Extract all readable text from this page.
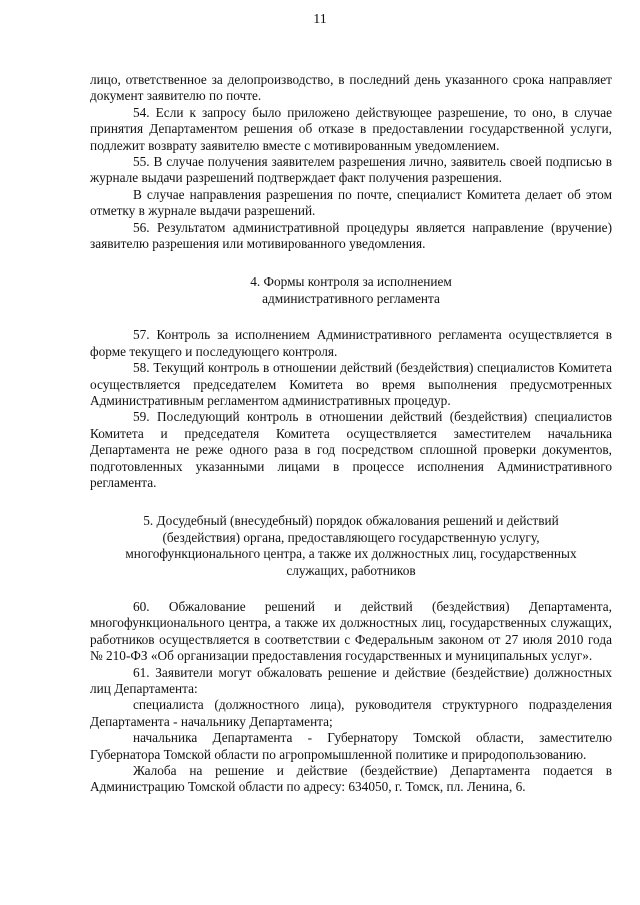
11

лицо, ответственное за делопроизводство, в последний день указанного срока направляет документ заявителю по почте.

54. Если к запросу было приложено действующее разрешение, то оно, в случае принятия Департаментом решения об отказе в предоставлении государственной услуги, подлежит возврату заявителю вместе с мотивированным уведомлением.

55. В случае получения заявителем разрешения лично, заявитель своей подписью в журнале выдачи разрешений подтверждает факт получения разрешения.

В случае направления разрешения по почте, специалист Комитета делает об этом отметку в журнале выдачи разрешений.

56. Результатом административной процедуры является направление (вручение) заявителю разрешения или мотивированного уведомления.

4. Формы контроля за исполнением
административного регламента

57. Контроль за исполнением Административного регламента осуществляется в форме текущего и последующего контроля.

58. Текущий контроль в отношении действий (бездействия) специалистов Комитета осуществляется председателем Комитета во время выполнения предусмотренных Административным регламентом административных процедур.

59. Последующий контроль в отношении действий (бездействия) специалистов Комитета и председателя Комитета осуществляется заместителем начальника Департамента не реже одного раза в год посредством сплошной проверки документов, подготовленных указанными лицами в процессе исполнения Административного регламента.

5. Досудебный (внесудебный) порядок обжалования решений и действий
(бездействия) органа, предоставляющего государственную услугу,
многофункционального центра, а также их должностных лиц, государственных
служащих, работников

60. Обжалование решений и действий (бездействия) Департамента, многофункционального центра, а также их должностных лиц, государственных служащих, работников осуществляется в соответствии с Федеральным законом от 27 июля 2010 года № 210-ФЗ «Об организации предоставления государственных и муниципальных услуг».

61. Заявители могут обжаловать решение и действие (бездействие) должностных лиц Департамента:

специалиста (должностного лица), руководителя структурного подразделения Департамента - начальнику Департамента;

начальника Департамента - Губернатору Томской области, заместителю Губернатора Томской области по агропромышленной политике и природопользованию.

Жалоба на решение и действие (бездействие) Департамента подается в Администрацию Томской области по адресу: 634050, г. Томск, пл. Ленина, 6.
